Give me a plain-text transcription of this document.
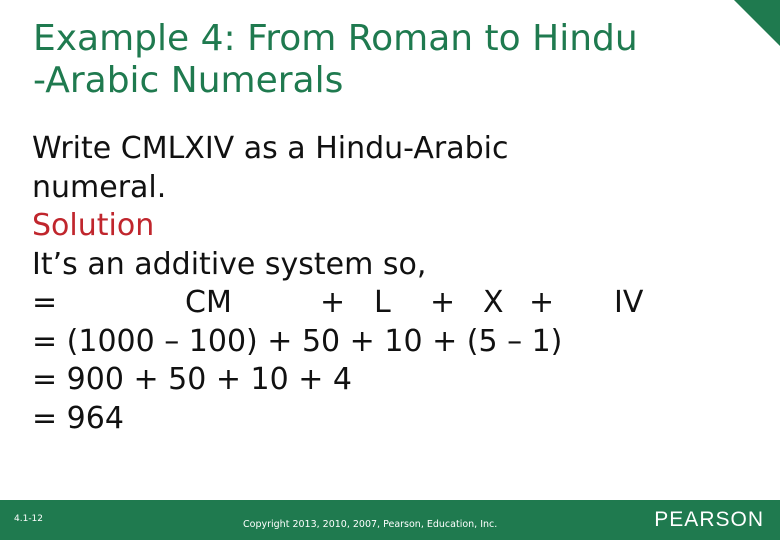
Example 4: From Roman to Hindu
-Arabic Numerals
Write CMLXIV as a Hindu-Arabic
numeral.
Solution
It’s an additive system so,
=	CM	+ L + X + IV
= (1000 – 100) + 50 + 10 + (5 – 1)
= 900 + 50 + 10 + 4
= 964
4.1-12	Copyright 2013, 2010, 2007, Pearson, Education, Inc.	PEARSON
